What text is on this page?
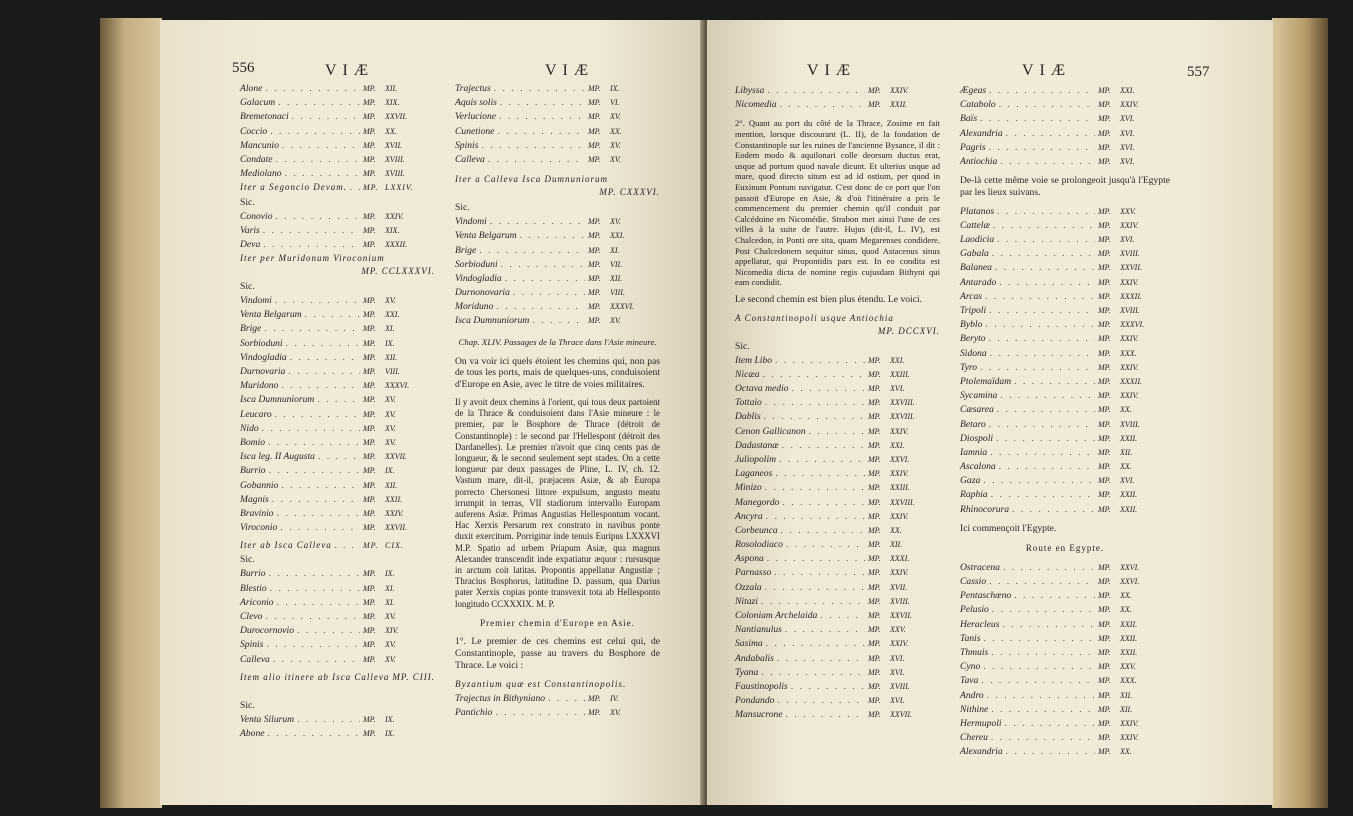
556	VIÆ	VIÆ
Alone . . .	MP.	XII.
Galacum . . .	MP.	XIX.
Bremetonaci . . .	MP.	XXVII.
Coccio . . .	MP.	XX.
Mancunio . . .	MP.	XVII.
Condate . . .	MP.	XVIII.
Mediolano . . .	MP.	XVIII.
Iter a Segoncio Devam. . . . MP. LXXIV.
Sic.
Conovio . . .	MP.	XXIV.
Varis . . .	MP.	XIX.
Deva . . .	MP.	XXXII.
Iter per Muridonum Viroconium
MP. CCLXXXVI.
Sic.
Vindomi . . .	MP.	XV.
Venta Belgarum . . .	MP.	XXI.
Brige . . .	MP.	XI.
Sorbioduni . . .	MP.	IX.
Vindogladia . . .	MP.	XII.
Durnovaria . . .	MP.	VIII.
Muridono . . .	MP.	XXXVI.
Isca Dumnuniorum . . .	MP.	XV.
Leucaro . . .	MP.	XV.
Nido . . .	MP.	XV.
Bomio . . .	MP.	XV.
Isca leg. II Augusta . . .	MP.	XXVII.
Burrio . . .	MP.	IX.
Gobannio . . .	MP.	XII.
Magnis . . .	MP.	XXII.
Bravinio . . .	MP.	XXIV.
Viroconio . . .	MP.	XXVII.
Iter ab Isca Calleva . . .	MP. CIX.
Sic.
Burrio . . .	MP.	IX.
Blestio . . .	MP.	XI.
Ariconio . . .	MP.	XI.
Clevo . . .	MP.	XV.
Durocornovio . . .	MP.	XIV.
Spinis . . .	MP.	XV.
Calleva . . .	MP.	XV.
Item alio itinere ab Isca Calleva MP. CIII.
Sic.
Venta Silurum . . .	MP.	IX.
Abone . . .	MP.	IX.
Trajectus . . .	MP.	IX.
Aquis solis . . .	MP.	VI.
Verlucione . . .	MP.	XV.
Cunetione . . .	MP.	XX.
Spinis . . .	MP.	XV.
Calleva . . .	MP.	XV.
Iter a Calleva Isca Dumnuniorum
MP. CXXXVI.
Sic.
Vindomi . . .	MP.	XV.
Venta Belgarum . . .	MP.	XXI.
Brige . . .	MP.	XI.
Sorbioduni . . .	MP.	VII.
Vindogladia . . .	MP.	XII.
Durnonovaria . . .	MP.	VIII.
Moriduno . . .	MP.	XXXVI.
Isca Dumnuniorum . . .	MP.	XV.
Chap. XLIV. Passages de la Thrace dans l'Asie mineure.
On va voir ici quels étoient les chemins qui, non pas de tous les ports, mais de quelques-uns, conduisoient d'Europe en Asie, avec le titre de voies militaires.
Il y avoit deux chemins à l'orient, qui tous deux partoient de la Thrace & conduisoient dans l'Asie mineure : le premier, par le Bosphore de Thrace (détroit de Constantinople) : le second par l'Hellespont (détroit des Dardanelles). Le premier n'avoit que cinq cents pas de longueur, & le second seulement sept stades. On a cette longueur par deux passages de Pline, L. IV, ch. 12. Vastum mare, dit-il, præjacens Asiæ, & ab Europa porrecto Chersonesi littore expulsum, angusto meatu irrumpit in terras, VII stadiorum intervallo Europam auferens Asiæ. Primas Angustias Hellespontum vocant. Hac Xerxis Persarum rex constrato in navibus ponte duxit exercitum. Porrigitur inde tenuis Euripus LXXXVI M.P. Spatio ad urbem Priapum Asiæ, qua magnus Alexander transcendit inde expatiatur æquor : rursusque in arctum coit latitas. Propontis appellatur Angustiæ ; Thracius Bosphorus, latitudine D. passum, qua Darius pater Xerxis copias ponte transvexit tota ab Hellesponto longitudo CCXXXIX. M. P.
Premier chemin d'Europe en Asie.
1°. Le premier de ces chemins est celui qui, de Constantinople, passe au travers du Bosphore de Thrace. Le voici :
Byzantium quæ est Constantinopolis.
Trajectus in Bithyniano . . .	MP.	IV.
Pantichio . . .	MP.	XV.
VIÆ	VIÆ	557
Libyssa . . .	MP.	XXIV.
Nicomedia . . .	MP.	XXII.
2°. Quant au port du côté de la Thrace, Zosime en fait mention, lorsque discourant (L. II), de la fondation de Constantinople sur les ruines de l'ancienne Bysance, il dit : Eodem modo & aquilonari colle deorsum ductus erat, usque ad portum quod navale dicunt. Et ulterius usque ad mare, quod directo situm est ad id ostium, per quod in Euxinum Pontum navigatur. C'est donc de ce port que l'on passoit d'Europe en Asie, & d'où l'itinéraire a pris le commencement du premier chemin qu'il conduit par Calcédoine en Nicomédie. Strabon met ainsi l'une de ces villes à la suite de l'autre. Hujus (dit-il, L. IV), est Chalcedon, in Ponti ore sita, quam Megarenses condidere. Post Chalcedonem sequitur sinus, quod Astacenus sinus appellatur, qui Propontidis pars est. In eo condita est Nicomedia dicta de nomine regis cujusdam Bithyni qui eam condidit.
Le second chemin est bien plus étendu. Le voici.
A Constantinopoli usque Antiochia
MP. DCCXVI.
Sic.
Item Libo . . .	MP.	XXI.
Nicæa . . .	MP.	XXIII.
Octava medio . . .	MP.	XVI.
Tottaio . . .	MP.	XXVIII.
Dablis . . .	MP.	XXVIII.
Cenon Gallicanon . . .	MP.	XXIV.
Dadastanæ . . .	MP.	XXI.
Juliopolim . . .	MP.	XXVI.
Laganeos . . .	MP.	XXIV.
Minizo . . .	MP.	XXIII.
Manegordo . . .	MP.	XXVIII.
Ancyra . . .	MP.	XXIV.
Corbeunca . . .	MP.	XX.
Rosolodiaco . . .	MP.	XII.
Aspona . . .	MP.	XXXI.
Parnasso . . .	MP.	XXIV.
Ozzala . . .	MP.	XVII.
Nitazi . . .	MP.	XVIII.
Coloniam Archelaida . . .	MP.	XXVII.
Nantianulus . . .	MP.	XXV.
Sasima . . .	MP.	XXIV.
Andabalis . . .	MP.	XVI.
Tyana . . .	MP.	XVI.
Faustinopolis . . .	MP.	XVIII.
Pondando . . .	MP.	XVI.
Mansucrone . . .	MP.	XXVII.
Ægeas . . .	MP.	XXI.
Catabolo . . .	MP.	XXIV.
Baïs . . .	MP.	XVI.
Alexandria . . .	MP.	XVI.
Pagris . . .	MP.	XVI.
Antiochia . . .	MP.	XVI.
De-là cette même voie se prolongeoit jusqu'à l'Egypte par les lieux suivans.
Platanos . . .	MP.	XXV.
Cattelæ . . .	MP.	XXIV.
Laodicia . . .	MP.	XVI.
Gabala . . .	MP.	XVIII.
Balanea . . .	MP.	XXVII.
Antarado . . .	MP.	XXIV.
Arcas . . .	MP.	XXXII.
Tripoli . . .	MP.	XVIII.
Byblo . . .	MP.	XXXVI.
Beryto . . .	MP.	XXIV.
Sidona . . .	MP.	XXX.
Tyro . . .	MP.	XXIV.
Ptolemaïdam . . .	MP.	XXXII.
Sycamina . . .	MP.	XXIV.
Cæsarea . . .	MP.	XX.
Betaro . . .	MP.	XVIII.
Diospoli . . .	MP.	XXII.
Iamnia . . .	MP.	XII.
Ascalona . . .	MP.	XX.
Gaza . . .	MP.	XVI.
Raphia . . .	MP.	XXII.
Rhinocorura . . .	MP.	XXII.
Ici commençoit l'Egypte.
Route en Egypte.
Ostracena . . .	MP.	XXVI.
Cassio . . .	MP.	XXVI.
Pentaschœno . . .	MP.	XX.
Pelusio . . .	MP.	XX.
Heracleus . . .	MP.	XXII.
Tanis . . .	MP.	XXII.
Thmuis . . .	MP.	XXII.
Cyno . . .	MP.	XXV.
Tava . . .	MP.	XXX.
Andro . . .	MP.	XII.
Nithine . . .	MP.	XII.
Hermupoli . . .	MP.	XXIV.
Chereu . . .	MP.	XXIV.
Alexandria . . .	MP.	XX.
